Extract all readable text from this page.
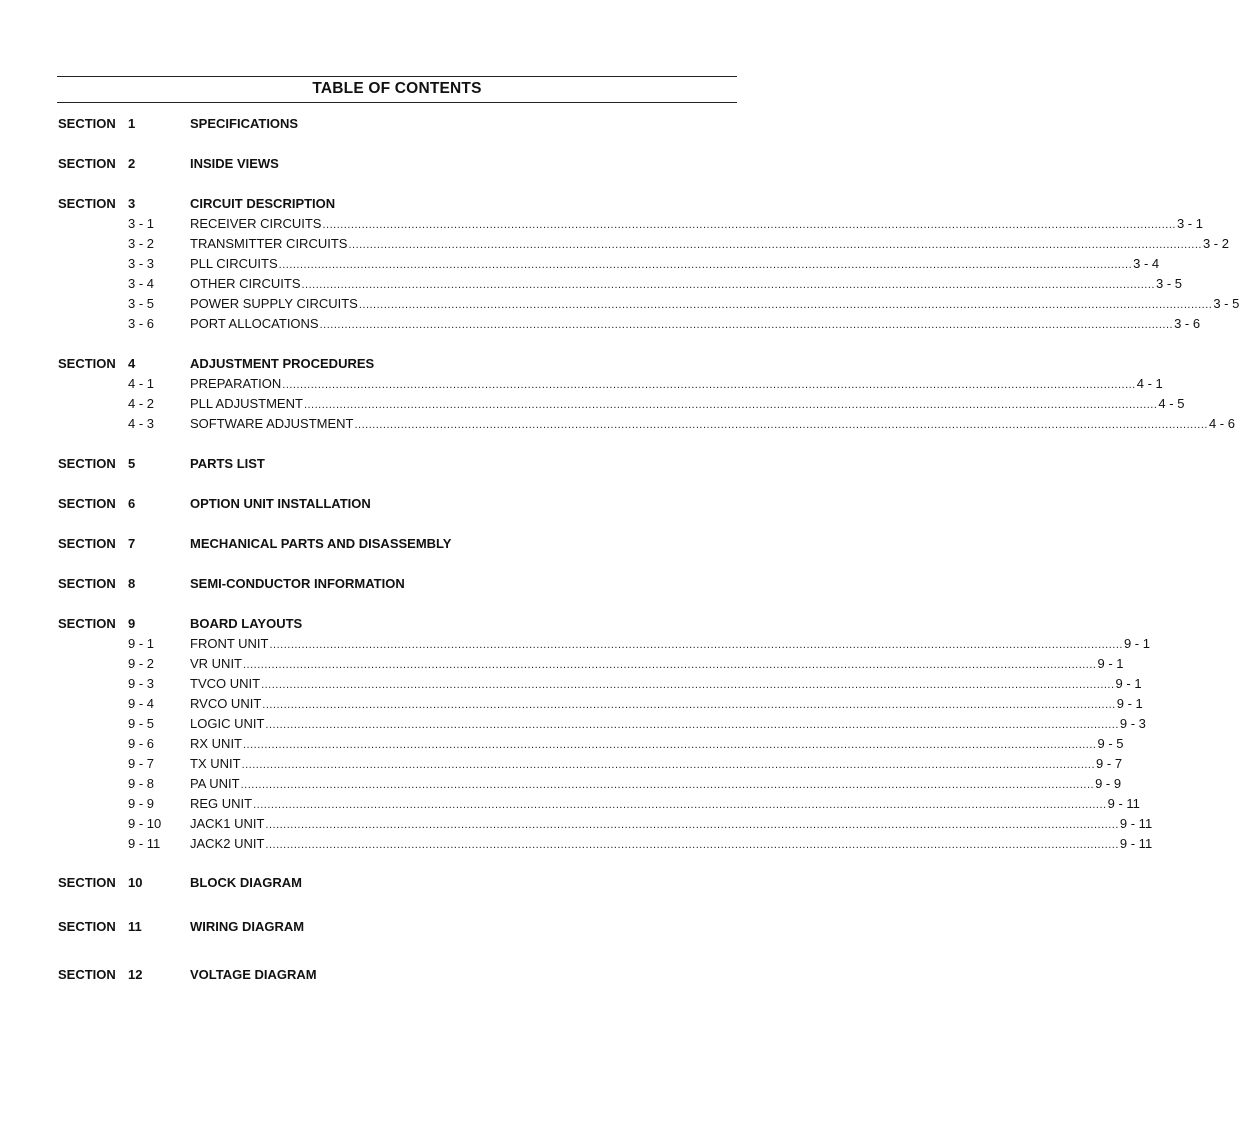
TABLE OF CONTENTS
SECTION 1	SPECIFICATIONS
SECTION 2	INSIDE VIEWS
SECTION 3	CIRCUIT DESCRIPTION
3 - 1	RECEIVER CIRCUITS ................................................................................................................................................................................................................................................ 3 - 1
3 - 2	TRANSMITTER CIRCUITS ................................................................................................................................................................................................................................................ 3 - 2
3 - 3	PLL CIRCUITS ................................................................................................................................................................................................................................................ 3 - 4
3 - 4	OTHER CIRCUITS ................................................................................................................................................................................................................................................ 3 - 5
3 - 5	POWER SUPPLY CIRCUITS ................................................................................................................................................................................................................................................ 3 - 5
3 - 6	PORT ALLOCATIONS ................................................................................................................................................................................................................................................ 3 - 6
SECTION 4	ADJUSTMENT PROCEDURES
4 - 1	PREPARATION ................................................................................................................................................................................................................................................ 4 - 1
4 - 2	PLL ADJUSTMENT ................................................................................................................................................................................................................................................ 4 - 5
4 - 3	SOFTWARE ADJUSTMENT ................................................................................................................................................................................................................................................ 4 - 6
SECTION 5	PARTS LIST
SECTION 6	OPTION UNIT INSTALLATION
SECTION 7	MECHANICAL PARTS AND DISASSEMBLY
SECTION 8	SEMI-CONDUCTOR INFORMATION
SECTION 9	BOARD LAYOUTS
9 - 1	FRONT UNIT ................................................................................................................................................................................................................................................ 9 - 1
9 - 2	VR UNIT ................................................................................................................................................................................................................................................ 9 - 1
9 - 3	TVCO UNIT ................................................................................................................................................................................................................................................ 9 - 1
9 - 4	RVCO UNIT ................................................................................................................................................................................................................................................ 9 - 1
9 - 5	LOGIC UNIT ................................................................................................................................................................................................................................................ 9 - 3
9 - 6	RX UNIT ................................................................................................................................................................................................................................................ 9 - 5
9 - 7	TX UNIT ................................................................................................................................................................................................................................................ 9 - 7
9 - 8	PA UNIT ................................................................................................................................................................................................................................................ 9 - 9
9 - 9	REG UNIT ................................................................................................................................................................................................................................................ 9 - 11
9 - 10 JACK1 UNIT ................................................................................................................................................................................................................................................ 9 - 11
9 - 11 JACK2 UNIT ................................................................................................................................................................................................................................................ 9 - 11
SECTION 10	BLOCK DIAGRAM
SECTION 11	WIRING DIAGRAM
SECTION 12	VOLTAGE DIAGRAM
